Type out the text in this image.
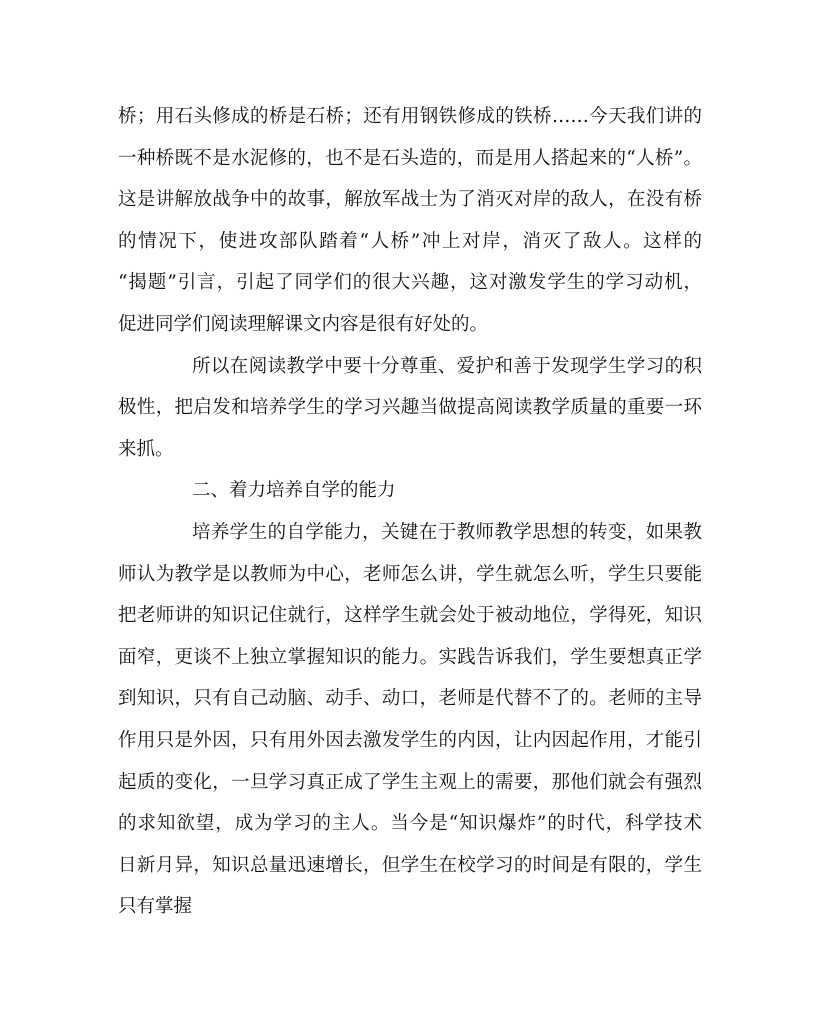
桥；用石头修成的桥是石桥；还有用钢铁修成的铁桥……今天我们讲的
一种桥既不是水泥修的，也不是石头造的，而是用人搭起来的“人桥”。
这是讲解放战争中的故事，解放军战士为了消灭对岸的敌人，在没有桥
的情况下，使进攻部队踏着“人桥”冲上对岸，消灭了敌人。这样的
“揭题”引言，引起了同学们的很大兴趣，这对激发学生的学习动机，
促进同学们阅读理解课文内容是很有好处的。
所以在阅读教学中要十分尊重、爱护和善于发现学生学习的积
极性，把启发和培养学生的学习兴趣当做提高阅读教学质量的重要一环
来抓。
二、着力培养自学的能力
培养学生的自学能力，关键在于教师教学思想的转变，如果教
师认为教学是以教师为中心，老师怎么讲，学生就怎么听，学生只要能
把老师讲的知识记住就行，这样学生就会处于被动地位，学得死，知识
面窄，更谈不上独立掌握知识的能力。实践告诉我们，学生要想真正学
到知识，只有自己动脑、动手、动口，老师是代替不了的。老师的主导
作用只是外因，只有用外因去激发学生的内因，让内因起作用，才能引
起质的变化，一旦学习真正成了学生主观上的需要，那他们就会有强烈
的求知欲望，成为学习的主人。当今是“知识爆炸”的时代，科学技术
日新月异，知识总量迅速增长，但学生在校学习的时间是有限的，学生
只有掌握
